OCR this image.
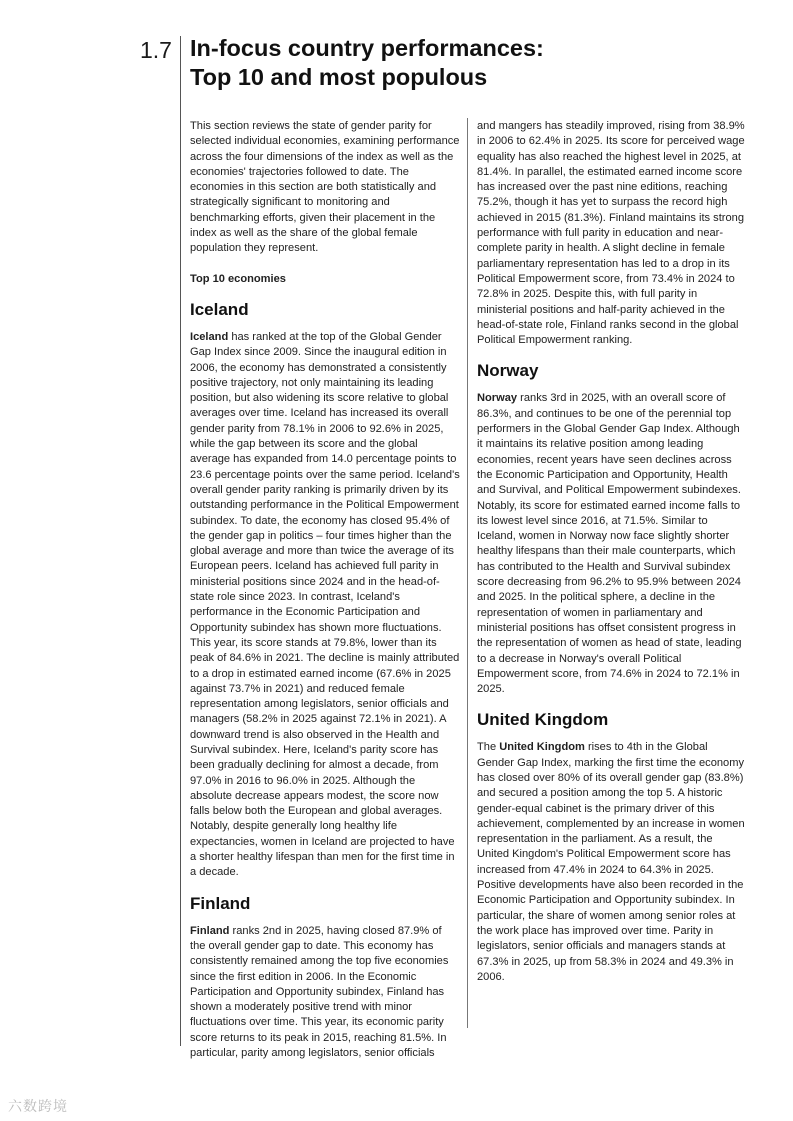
1.7 In-focus country performances:
Top 10 and most populous

This section reviews the state of gender parity for selected individual economies, examining performance across the four dimensions of the index as well as the economies' trajectories followed to date. The economies in this section are both statistically and strategically significant to monitoring and benchmarking efforts, given their placement in the index as well as the share of the global female population they represent.

Top 10 economies

Iceland

Iceland has ranked at the top of the Global Gender Gap Index since 2009. Since the inaugural edition in 2006, the economy has demonstrated a consistently positive trajectory, not only maintaining its leading position, but also widening its score relative to global averages over time. Iceland has increased its overall gender parity from 78.1% in 2006 to 92.6% in 2025, while the gap between its score and the global average has expanded from 14.0 percentage points to 23.6 percentage points over the same period. Iceland's overall gender parity ranking is primarily driven by its outstanding performance in the Political Empowerment subindex. To date, the economy has closed 95.4% of the gender gap in politics – four times higher than the global average and more than twice the average of its European peers. Iceland has achieved full parity in ministerial positions since 2024 and in the head-of-state role since 2023. In contrast, Iceland's performance in the Economic Participation and Opportunity subindex has shown more fluctuations. This year, its score stands at 79.8%, lower than its peak of 84.6% in 2021. The decline is mainly attributed to a drop in estimated earned income (67.6% in 2025 against 73.7% in 2021) and reduced female representation among legislators, senior officials and managers (58.2% in 2025 against 72.1% in 2021). A downward trend is also observed in the Health and Survival subindex. Here, Iceland's parity score has been gradually declining for almost a decade, from 97.0% in 2016 to 96.0% in 2025. Although the absolute decrease appears modest, the score now falls below both the European and global averages. Notably, despite generally long healthy life expectancies, women in Iceland are projected to have a shorter healthy lifespan than men for the first time in a decade.

Finland

Finland ranks 2nd in 2025, having closed 87.9% of the overall gender gap to date. This economy has consistently remained among the top five economies since the first edition in 2006. In the Economic Participation and Opportunity subindex, Finland has shown a moderately positive trend with minor fluctuations over time. This year, its economic parity score returns to its peak in 2015, reaching 81.5%. In particular, parity among legislators, senior officials

and mangers has steadily improved, rising from 38.9% in 2006 to 62.4% in 2025. Its score for perceived wage equality has also reached the highest level in 2025, at 81.4%. In parallel, the estimated earned income score has increased over the past nine editions, reaching 75.2%, though it has yet to surpass the record high achieved in 2015 (81.3%). Finland maintains its strong performance with full parity in education and near-complete parity in health. A slight decline in female parliamentary representation has led to a drop in its Political Empowerment score, from 73.4% in 2024 to 72.8% in 2025. Despite this, with full parity in ministerial positions and half-parity achieved in the head-of-state role, Finland ranks second in the global Political Empowerment ranking.

Norway

Norway ranks 3rd in 2025, with an overall score of 86.3%, and continues to be one of the perennial top performers in the Global Gender Gap Index. Although it maintains its relative position among leading economies, recent years have seen declines across the Economic Participation and Opportunity, Health and Survival, and Political Empowerment subindexes. Notably, its score for estimated earned income falls to its lowest level since 2016, at 71.5%. Similar to Iceland, women in Norway now face slightly shorter healthy lifespans than their male counterparts, which has contributed to the Health and Survival subindex score decreasing from 96.2% to 95.9% between 2024 and 2025. In the political sphere, a decline in the representation of women in parliamentary and ministerial positions has offset consistent progress in the representation of women as head of state, leading to a decrease in Norway's overall Political Empowerment score, from 74.6% in 2024 to 72.1% in 2025.

United Kingdom

The United Kingdom rises to 4th in the Global Gender Gap Index, marking the first time the economy has closed over 80% of its overall gender gap (83.8%) and secured a position among the top 5. A historic gender-equal cabinet is the primary driver of this achievement, complemented by an increase in women representation in the parliament. As a result, the United Kingdom's Political Empowerment score has increased from 47.4% in 2024 to 64.3% in 2025. Positive developments have also been recorded in the Economic Participation and Opportunity subindex. In particular, the share of women among senior roles at the work place has improved over time. Parity in legislators, senior officials and managers stands at 67.3% in 2025, up from 58.3% in 2024 and 49.3% in 2006.

六数跨境
